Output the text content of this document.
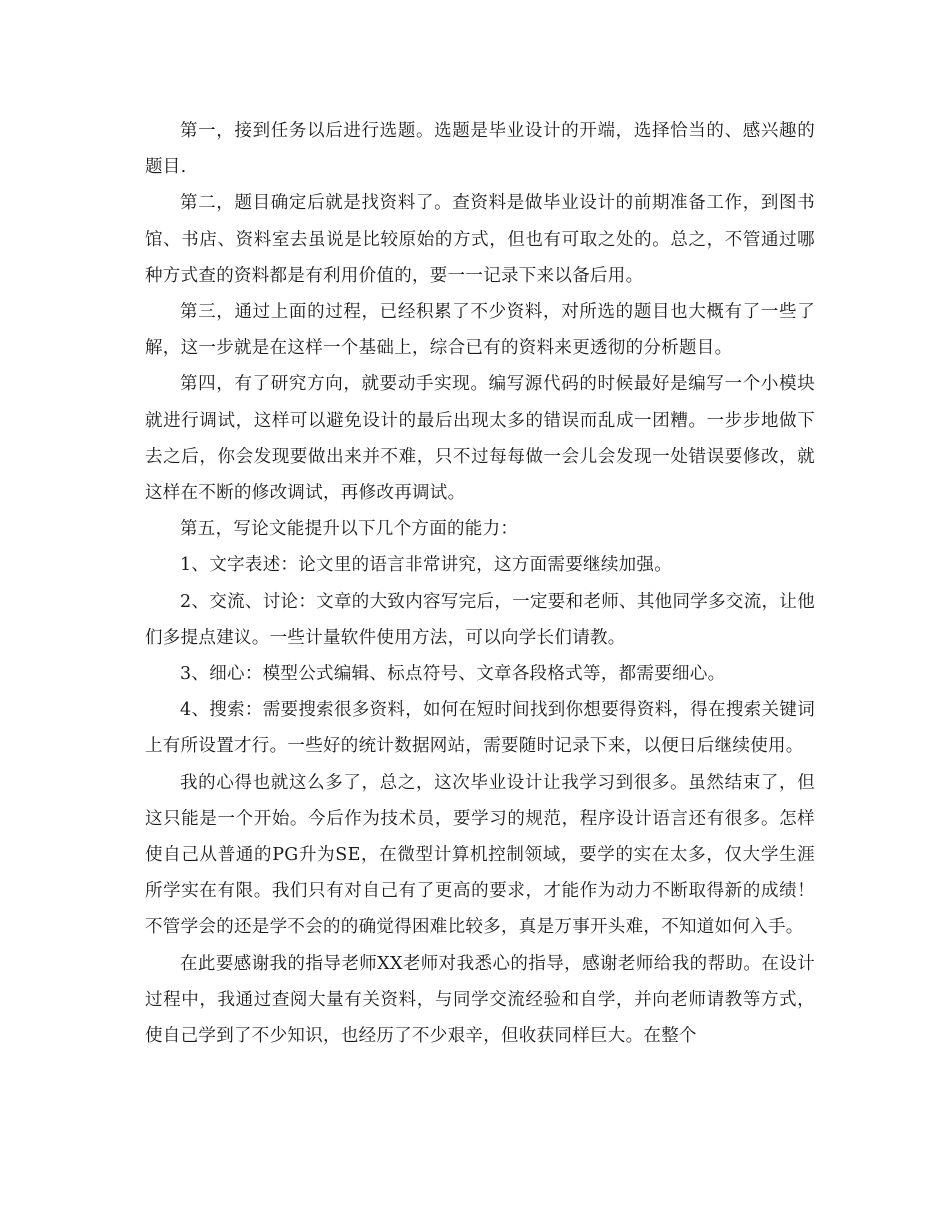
第一，接到任务以后进行选题。选题是毕业设计的开端，选择恰当的、感兴趣的题目.

第二，题目确定后就是找资料了。查资料是做毕业设计的前期准备工作，到图书馆、书店、资料室去虽说是比较原始的方式，但也有可取之处的。总之，不管通过哪种方式查的资料都是有利用价值的，要一一记录下来以备后用。

第三，通过上面的过程，已经积累了不少资料，对所选的题目也大概有了一些了解，这一步就是在这样一个基础上，综合已有的资料来更透彻的分析题目。

第四，有了研究方向，就要动手实现。编写源代码的时候最好是编写一个小模块就进行调试，这样可以避免设计的最后出现太多的错误而乱成一团糟。一步步地做下去之后，你会发现要做出来并不难，只不过每每做一会儿会发现一处错误要修改，就这样在不断的修改调试，再修改再调试。

第五，写论文能提升以下几个方面的能力：

1、文字表述：论文里的语言非常讲究，这方面需要继续加强。

2、交流、讨论：文章的大致内容写完后，一定要和老师、其他同学多交流，让他们多提点建议。一些计量软件使用方法，可以向学长们请教。

3、细心：模型公式编辑、标点符号、文章各段格式等，都需要细心。

4、搜索：需要搜索很多资料，如何在短时间找到你想要得资料，得在搜索关键词上有所设置才行。一些好的统计数据网站，需要随时记录下来，以便日后继续使用。

我的心得也就这么多了，总之，这次毕业设计让我学习到很多。虽然结束了，但这只能是一个开始。今后作为技术员，要学习的规范，程序设计语言还有很多。怎样使自己从普通的PG升为SE，在微型计算机控制领域，要学的实在太多，仅大学生涯所学实在有限。我们只有对自己有了更高的要求，才能作为动力不断取得新的成绩！不管学会的还是学不会的的确觉得困难比较多，真是万事开头难，不知道如何入手。

在此要感谢我的指导老师XX老师对我悉心的指导，感谢老师给我的帮助。在设计过程中，我通过查阅大量有关资料，与同学交流经验和自学，并向老师请教等方式，使自己学到了不少知识，也经历了不少艰辛，但收获同样巨大。在整个
